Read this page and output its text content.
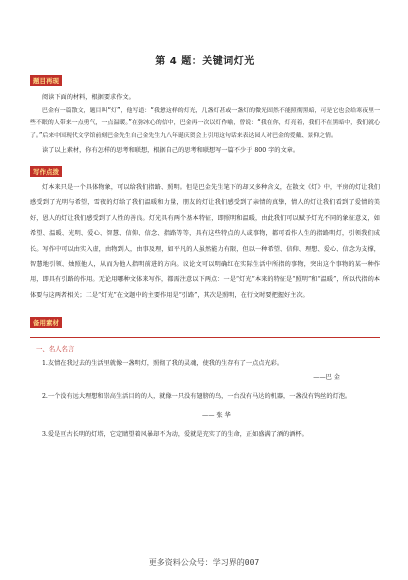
第 4 题：关键词灯光
题目再现

阅读下面的材料，根据要求作文。

巴金有一篇散文，题目叫“灯”，他写道：“我惫这样的灯光，几盏灯甚或一盏灯的微光固然不能照彻黑暗，可是它也会给寒夜里一些不眠的人带来一点勇气，一点温暖。”在弥冰心的信中，巴金再一次以灯作喻，曾说：“我在你，灯亮着，我们不在黑暗中，我们就心了。”后来中国现代文学馆前刻巴金先生自己金先生九八年诞庆贺会上引用这句话来表达园人对巴金的爱戴、景仰之情。

读了以上素材，你有怎样的思考和联想，根据自己的思考和联想写一篇不少于 800 字的文章。

写作点拨

灯本来只是一个具体物象，可以给我们指路、照明。但是巴金先生笔下的却又多种含义，在散文《灯》中，平房的灯让我们感受到了光明与希望，雪夜的灯给了我们温暖和力量，朋友的灯让我们感受到了亲情的真挚，情人的灯让我们看到了爱情的美好，恩人的灯让我们感受到了人性的善良。灯光具有两个基本特征，即照明和温暖，由此我们可以赋予灯光不同的象征意义，如希望、温暖、光明、爱心、智慧、信仰、信念、指路等等，具有这些特点的人或事物，都可看作人生的指路明灯，引领我们成长。写作中可以由实入虚，由物到人，由事及理，如平凡的人虽然能力有限，但以一种希望、信仰、理想、爱心、信念为支撑，智慧地引领、烛照他人，从而为他人指明前进的方向。议论文可以明确红在实际生活中所指的事物，突出这个事物的某一种作用，即具有引路的作用。无论用哪种文体来写作，都需注意以下两点：一是“灯光”本来的特征是“照明”和“温暖”，所以代指的本体要与这两者相关；二是“灯光”在文题中的主要作用是“引路”，其次是照明，在行文时要把握好主次。

备用素材
一、名人名言

1.友情在我过去的生活里就像一盏明灯，照彻了我的灵魂，使我的生存有了一点点光彩。

——巴 金

2.一个没有远大理想和崇高生活目的的人，就像一只没有翅膀的鸟，一台没有马达的机器，一盏没有钨丝的灯泡。

—— 张 华

3.爱是亘古长明的灯塔，它定睛望着风暴却不为动，爱就是充实了的生命，正如盛满了酒的酒杯。

更多资料公众号：学习界的007
